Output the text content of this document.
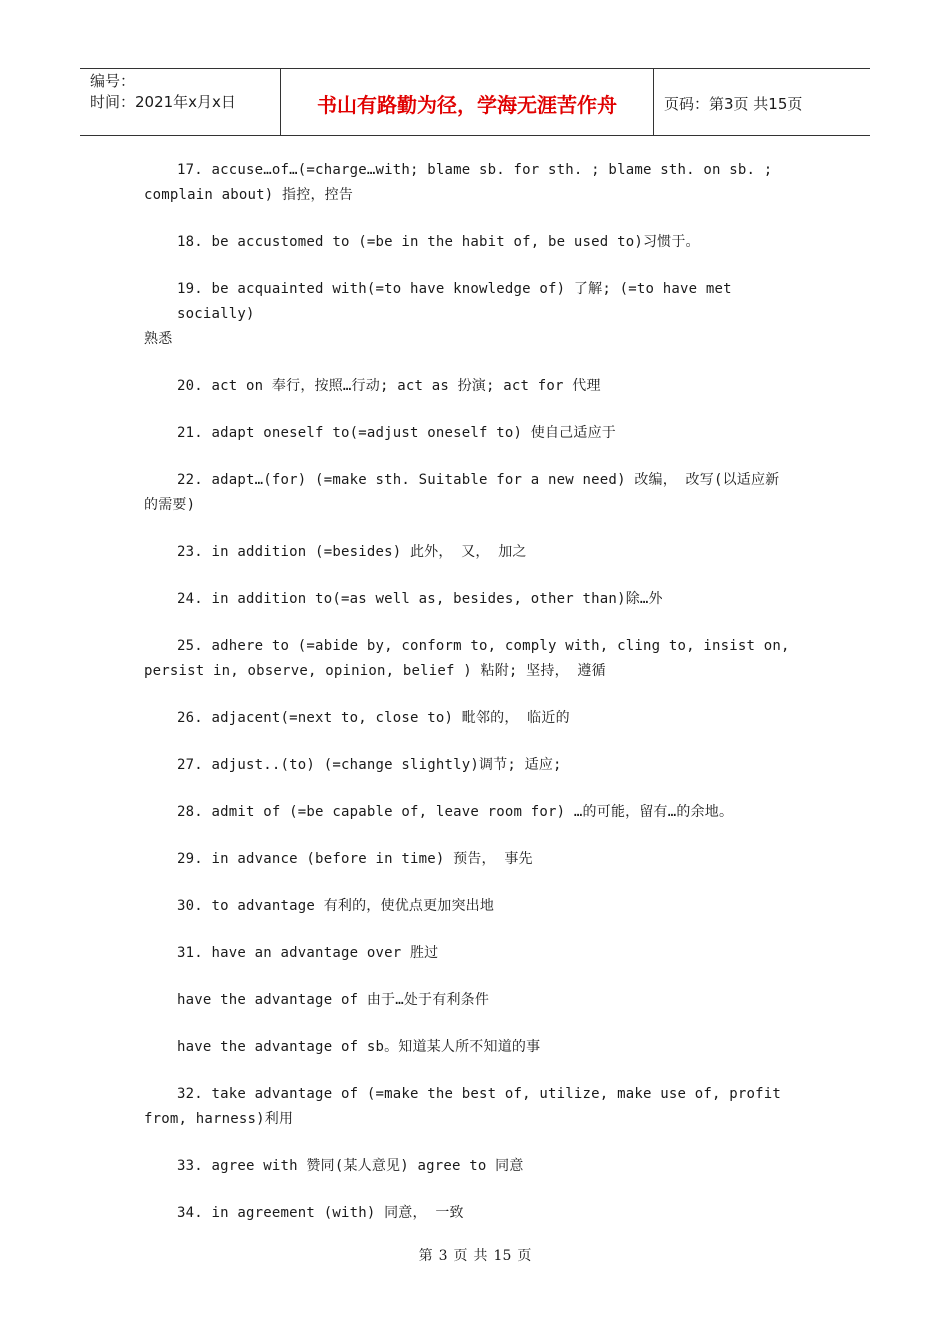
编号：
时间：2021年x月x日	书山有路勤为径，学海无涯苦作舟	页码：第3页 共15页
17. accuse…of…(=charge…with; blame sb. for sth. ; blame sth. on sb. ;
complain about) 指控，控告
18. be accustomed to (=be in the habit of, be used to)习惯于。
19. be acquainted with(=to have knowledge of) 了解; (=to have met socially)
熟悉
20. act on 奉行，按照…行动; act as 扮演; act for 代理
21. adapt oneself to(=adjust oneself to) 使自己适应于
22. adapt…(for) (=make sth. Suitable for a new need) 改编， 改写(以适应新
的需要)
23. in addition (=besides) 此外， 又， 加之
24. in addition to(=as well as, besides, other than)除…外
25. adhere to (=abide by, conform to, comply with, cling to, insist on,
persist in, observe, opinion, belief ) 粘附; 坚持， 遵循
26. adjacent(=next to, close to) 毗邻的， 临近的
27. adjust..(to) (=change slightly)调节; 适应;
28. admit of (=be capable of, leave room for) …的可能，留有…的余地。
29. in advance (before in time) 预告， 事先
30. to advantage 有利的，使优点更加突出地
31. have an advantage over 胜过
have the advantage of 由于…处于有利条件
have the advantage of sb。知道某人所不知道的事
32. take advantage of (=make the best of, utilize, make use of, profit
from, harness)利用
33. agree with 赞同(某人意见) agree to 同意
34. in agreement (with) 同意， 一致
第 3 页 共 15 页
